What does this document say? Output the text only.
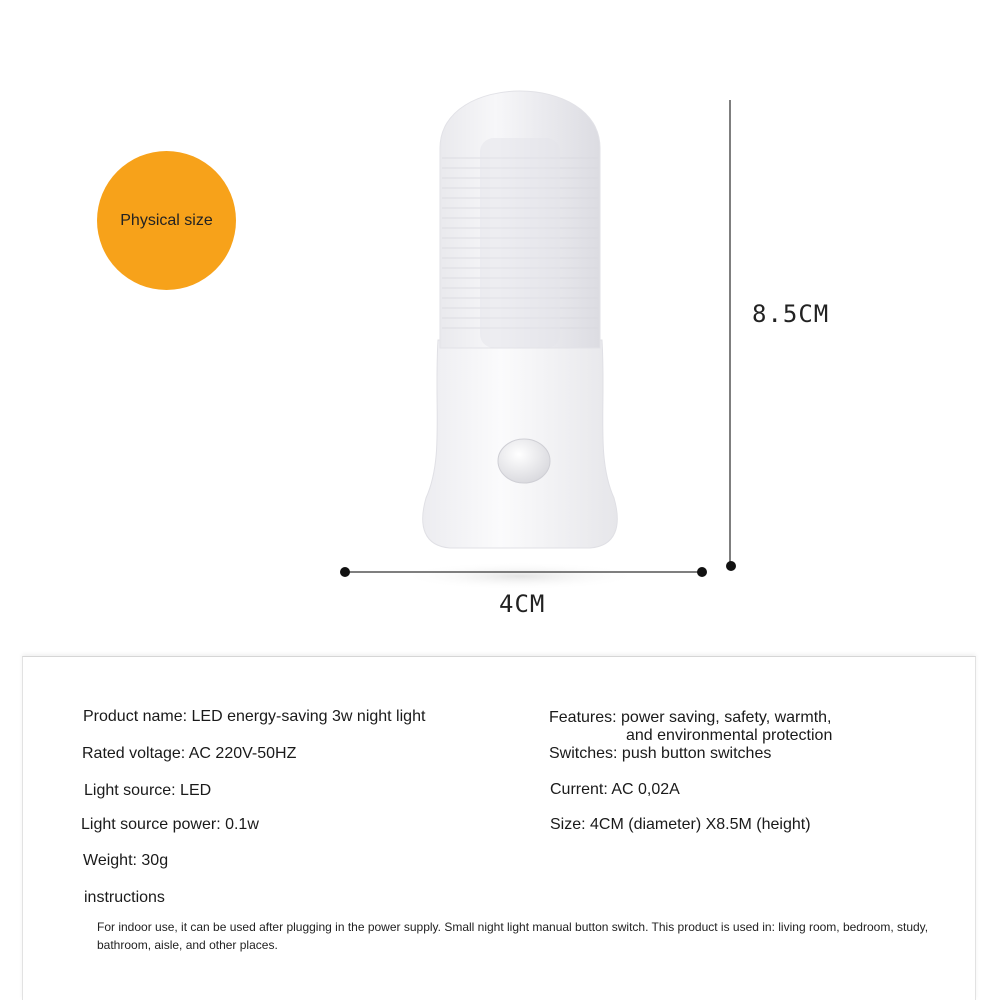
Physical size
8.5CM
4CM
Product name: LED energy-saving 3w night light
Rated voltage: AC 220V-50HZ
Light source: LED
Light source power: 0.1w
Weight: 30g
Features: power saving, safety, warmth,
and environmental protection
Switches: push button switches
Current: AC 0,02A
Size: 4CM (diameter) X8.5M (height)
instructions
For indoor use, it can be used after plugging in the power supply. Small night light manual button switch. This product is used in: living room, bedroom, study, bathroom, aisle, and other places.
